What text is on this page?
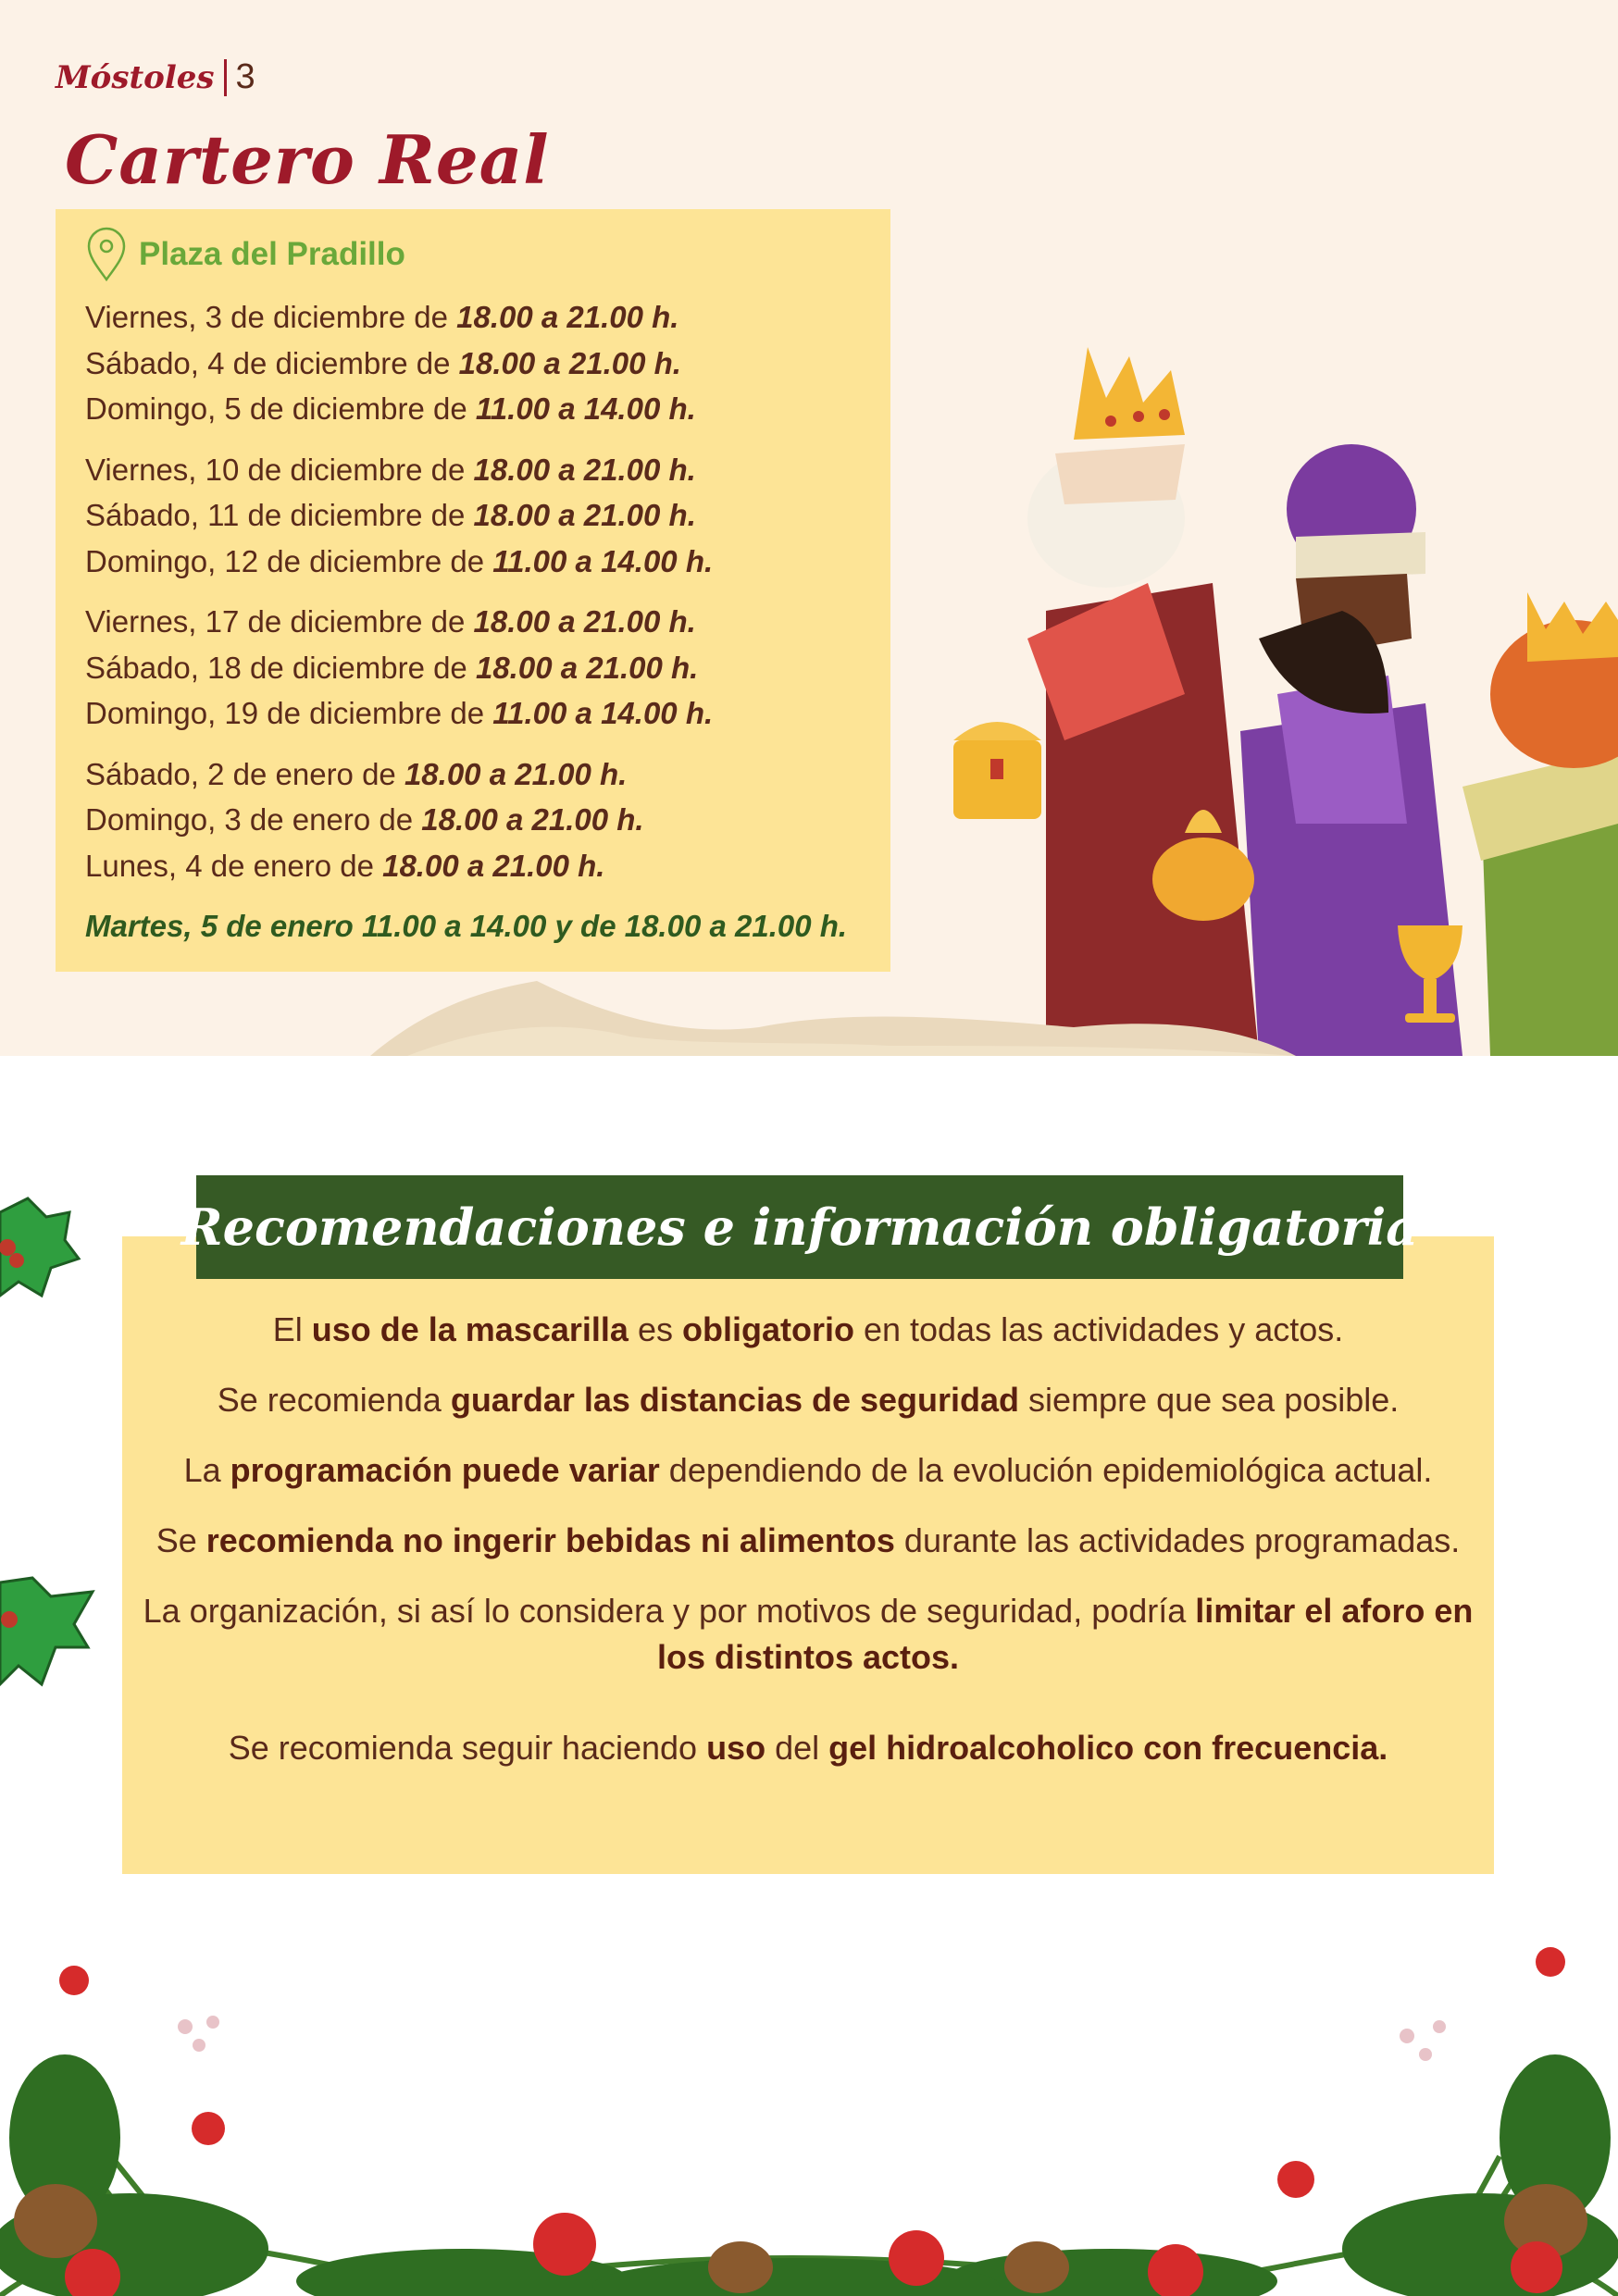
Móstoles 3
Cartero Real
Plaza del Pradillo
Viernes, 3 de diciembre de 18.00 a 21.00 h.
Sábado, 4 de diciembre de 18.00 a 21.00 h.
Domingo, 5 de diciembre de 11.00 a 14.00 h.
Viernes, 10 de diciembre de 18.00 a 21.00 h.
Sábado, 11 de diciembre de 18.00 a 21.00 h.
Domingo, 12 de diciembre de 11.00 a 14.00 h.
Viernes, 17 de diciembre de 18.00 a 21.00 h.
Sábado, 18 de diciembre de 18.00 a 21.00 h.
Domingo, 19 de diciembre de 11.00 a 14.00 h.
Sábado, 2 de enero de 18.00 a 21.00 h.
Domingo, 3 de enero de 18.00 a 21.00 h.
Lunes, 4 de enero de 18.00 a 21.00 h.
Martes, 5 de enero 11.00 a 14.00 y de 18.00 a 21.00 h.
Recomendaciones e información obligatoria

El uso de la mascarilla es obligatorio en todas las actividades y actos.

Se recomienda guardar las distancias de seguridad siempre que sea posible.

La programación puede variar dependiendo de la evolución epidemiológica actual.

Se recomienda no ingerir bebidas ni alimentos durante las actividades programadas.

La organización, si así lo considera y por motivos de seguridad, podría limitar el aforo en los distintos actos.

Se recomienda seguir haciendo uso del gel hidroalcoholico con frecuencia.
